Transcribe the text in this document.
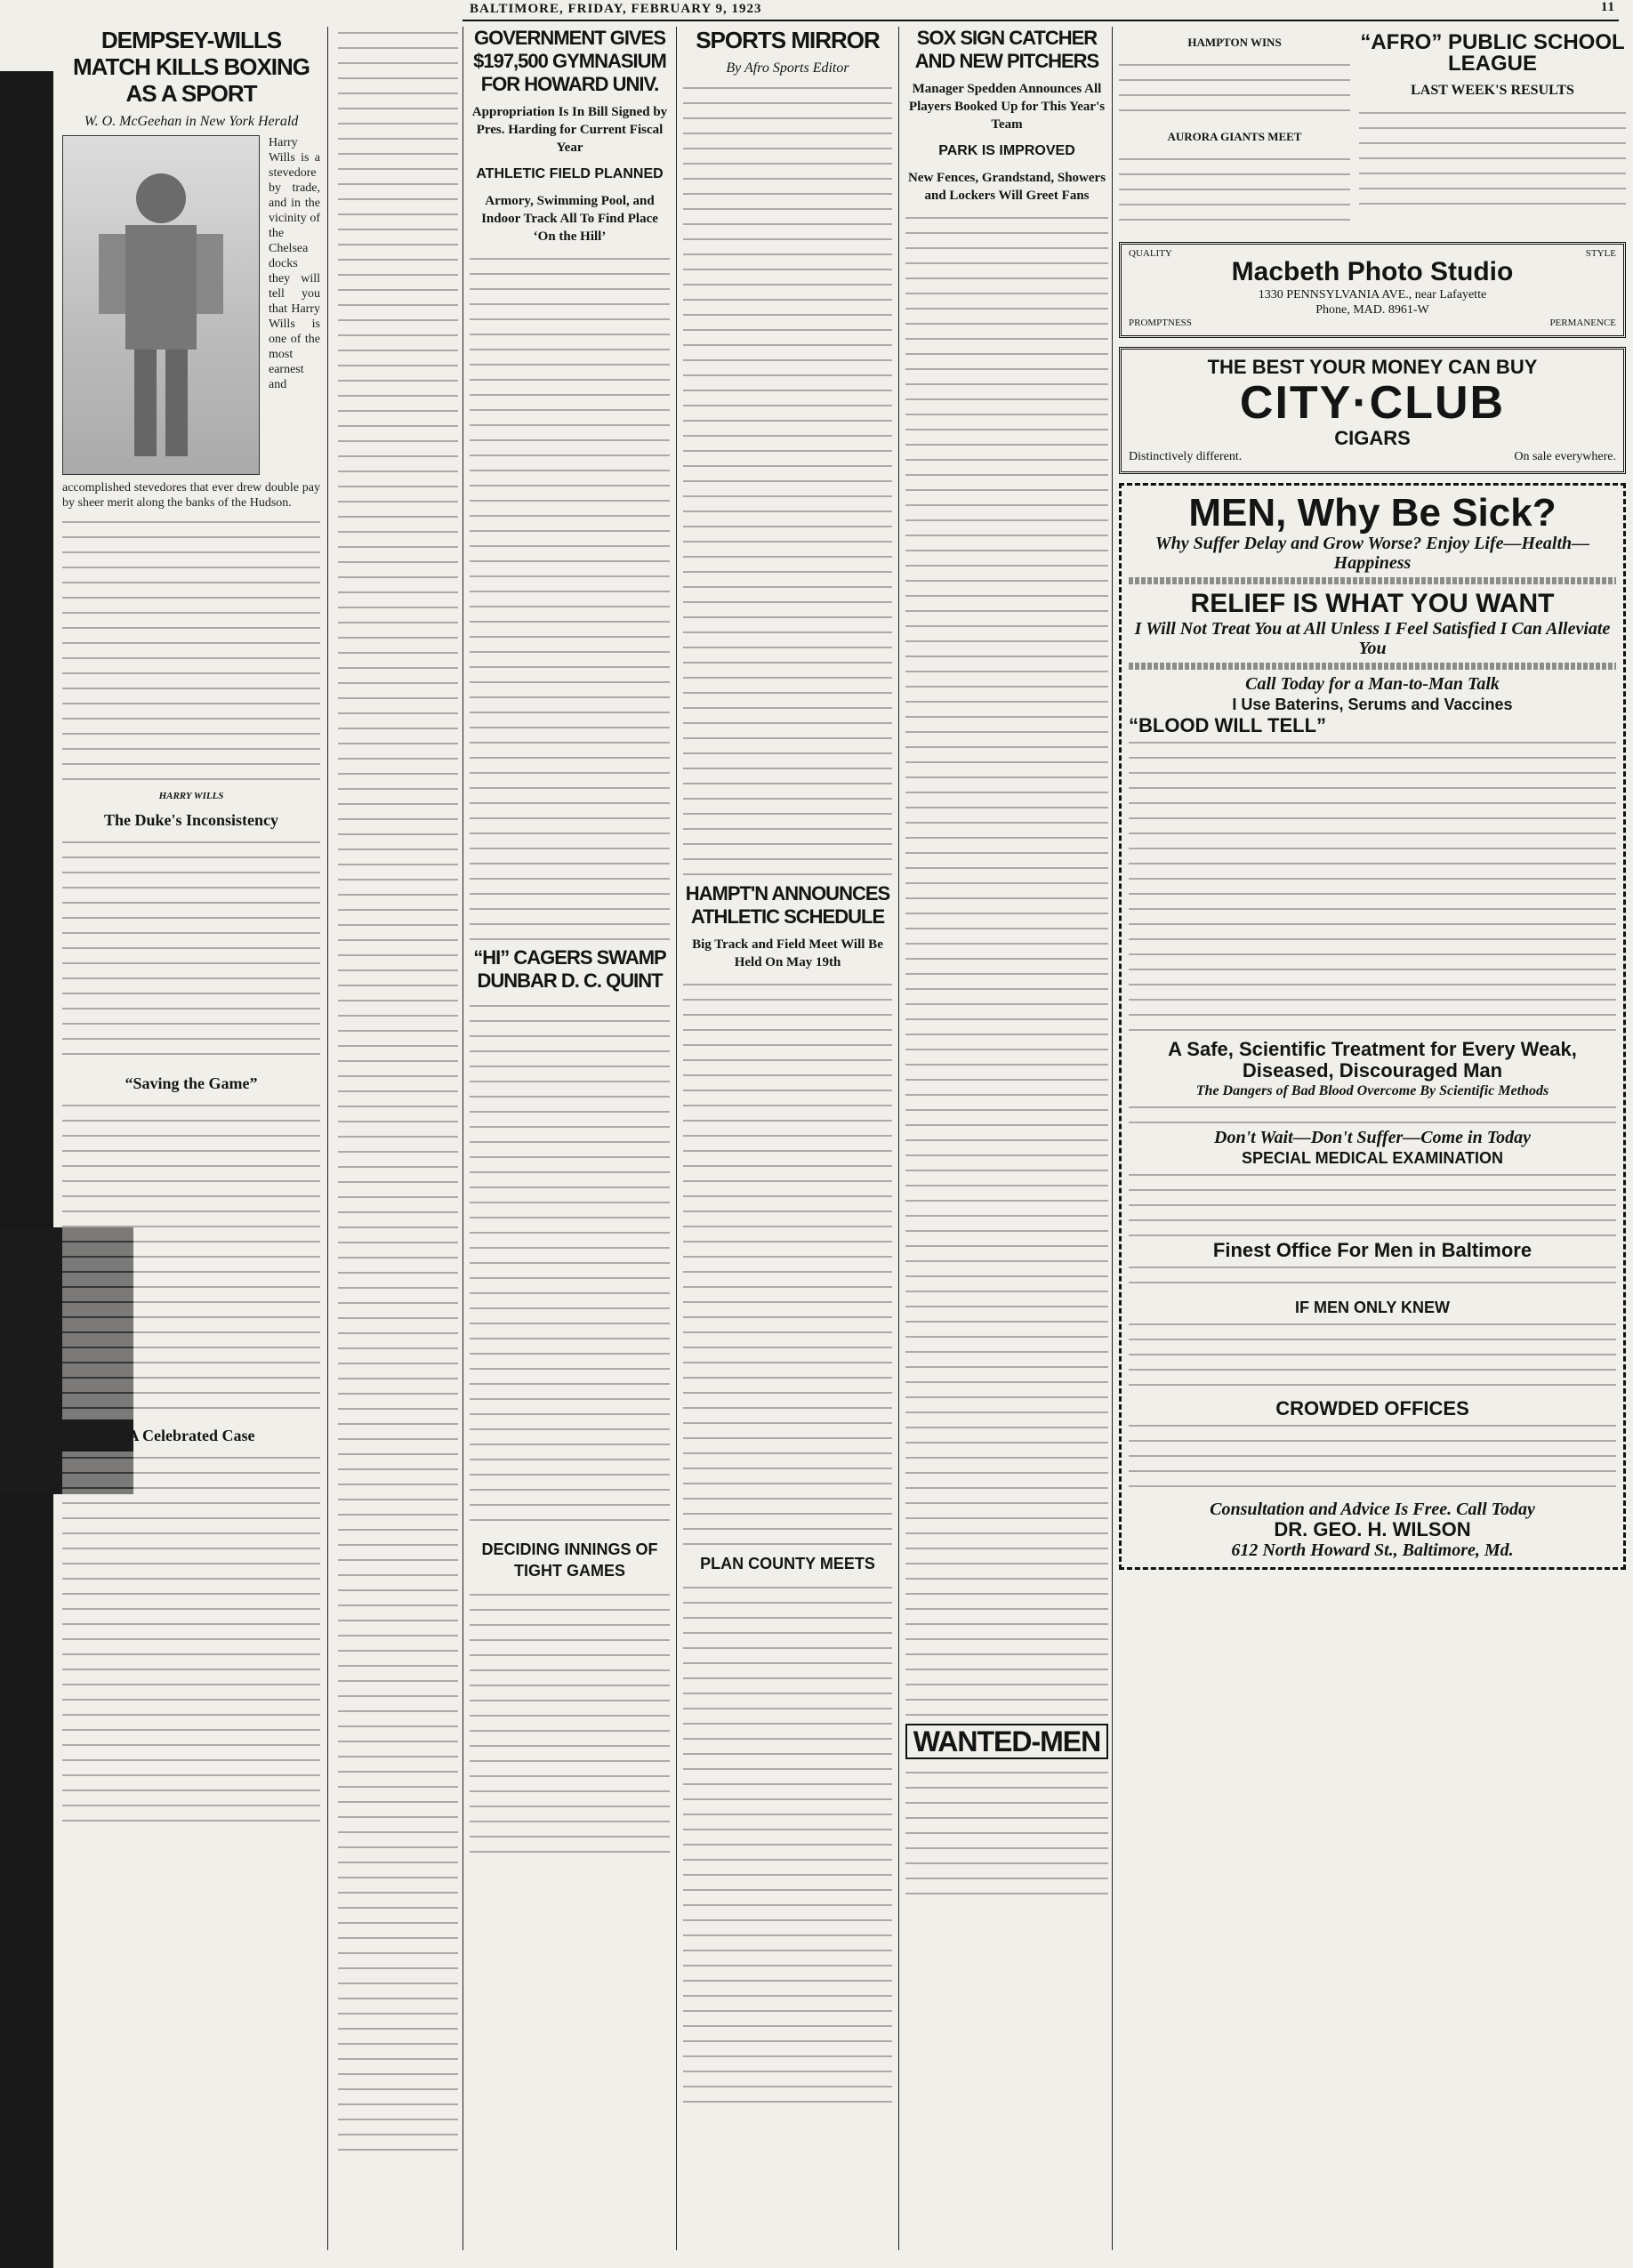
BALTIMORE, FRIDAY, FEBRUARY 9, 1923	11
DEMPSEY-WILLS MATCH KILLS BOXING AS A SPORT
W. O. McGeehan in New York Herald

Harry Wills is a stevedore by trade, and in the vicinity of the Chelsea docks they will tell you that Harry Wills is one of the most earnest and accomplished stevedores that ever drew double pay by sheer merit along the banks of the Hudson.

HARRY WILLS
The Duke's Inconsistency
“Saving the Game”
A Celebrated Case
GOVERNMENT GIVES $197,500 GYMNASIUM FOR HOWARD UNIV.
Appropriation Is In Bill Signed by Pres. Harding for Current Fiscal Year
ATHLETIC FIELD PLANNED
Armory, Swimming Pool, and Indoor Track All To Find Place ‘On the Hill’
“HI” CAGERS SWAMP DUNBAR D. C. QUINT
DECIDING INNINGS OF TIGHT GAMES
SPORTS MIRROR
By Afro Sports Editor
HAMPT'N ANNOUNCES ATHLETIC SCHEDULE
Big Track and Field Meet Will Be Held On May 19th
PLAN COUNTY MEETS
SOX SIGN CATCHER AND NEW PITCHERS
Manager Spedden Announces All Players Booked Up for This Year's Team
PARK IS IMPROVED
New Fences, Grandstand, Showers and Lockers Will Greet Fans
WANTED-MEN
HAMPTON WINS
AURORA GIANTS MEET
“AFRO” PUBLIC SCHOOL LEAGUE
LAST WEEK'S RESULTS
QUALITY	STYLE
Macbeth Photo Studio
1330 PENNSYLVANIA AVE., near Lafayette
Phone, MAD. 8961-W
PROMPTNESS	PERMANENCE
THE BEST YOUR MONEY CAN BUY
CITY·CLUB
CIGARS
Distinctively different.	On sale everywhere.
MEN, Why Be Sick?
Why Suffer Delay and Grow Worse? Enjoy Life—Health—Happiness
RELIEF IS WHAT YOU WANT
I Will Not Treat You at All Unless I Feel Satisfied I Can Alleviate You
Call Today for a Man-to-Man Talk
I Use Baterins, Serums and Vaccines
“BLOOD WILL TELL”
A Safe, Scientific Treatment for Every Weak, Diseased, Discouraged Man
The Dangers of Bad Blood Overcome By Scientific Methods
Don't Wait—Don't Suffer—Come in Today
SPECIAL MEDICAL EXAMINATION
Finest Office For Men in Baltimore
IF MEN ONLY KNEW
CROWDED OFFICES
Consultation and Advice Is Free. Call Today
DR. GEO. H. WILSON
612 North Howard St., Baltimore, Md.
